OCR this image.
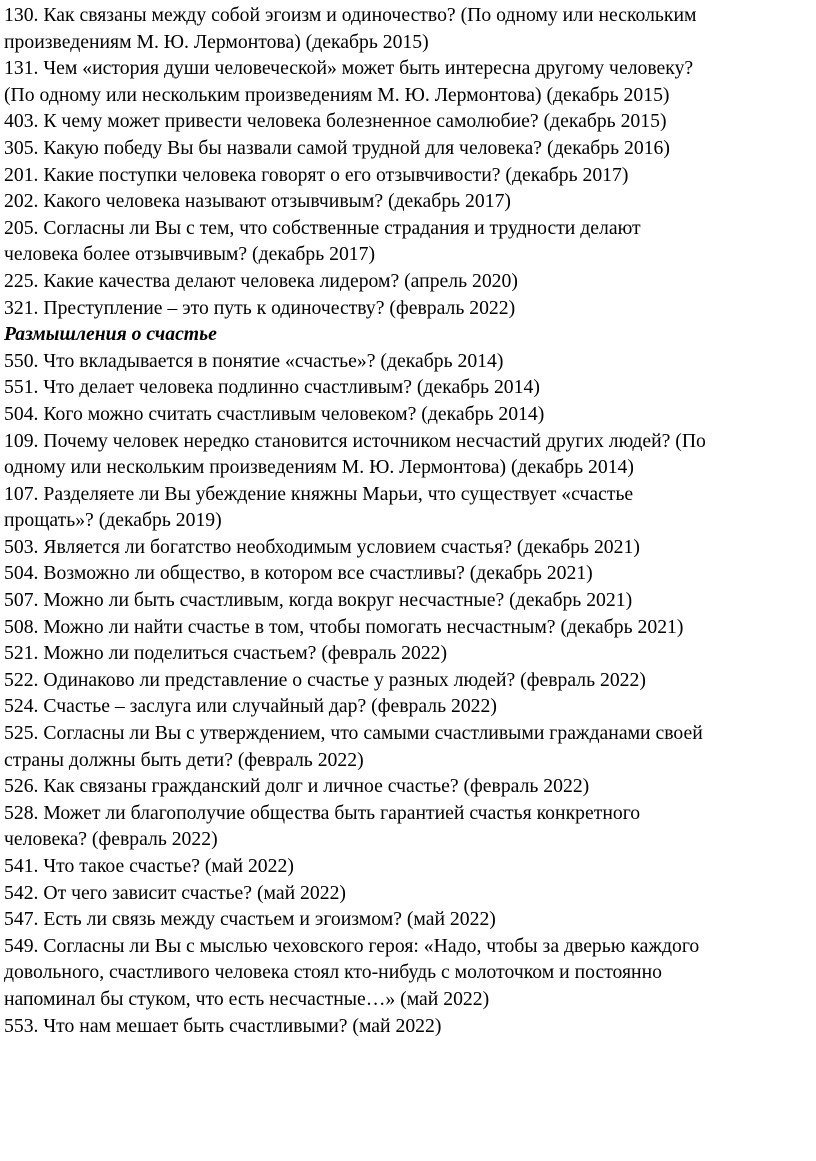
130. Как связаны между собой эгоизм и одиночество? (По одному или нескольким

произведениям М. Ю. Лермонтова) (декабрь 2015)

131. Чем «история души человеческой» может быть интересна другому человеку?

(По одному или нескольким произведениям М. Ю. Лермонтова) (декабрь 2015)

403. К чему может привести человека болезненное самолюбие? (декабрь 2015)

305. Какую победу Вы бы назвали самой трудной для человека? (декабрь 2016)

201. Какие поступки человека говорят о его отзывчивости? (декабрь 2017)

202. Какого человека называют отзывчивым? (декабрь 2017)

205. Согласны ли Вы с тем, что собственные страдания и трудности делают

человека более отзывчивым? (декабрь 2017)

225. Какие качества делают человека лидером? (апрель 2020)

321. Преступление – это путь к одиночеству? (февраль 2022)

Размышления о счастье

550. Что вкладывается в понятие «счастье»? (декабрь 2014)

551. Что делает человека подлинно счастливым? (декабрь 2014)

504. Кого можно считать счастливым человеком? (декабрь 2014)

109. Почему человек нередко становится источником несчастий других людей? (По

одному или нескольким произведениям М. Ю. Лермонтова) (декабрь 2014)

107. Разделяете ли Вы убеждение княжны Марьи, что существует «счастье

прощать»? (декабрь 2019)

503. Является ли богатство необходимым условием счастья? (декабрь 2021)

504. Возможно ли общество, в котором все счастливы? (декабрь 2021)

507. Можно ли быть счастливым, когда вокруг несчастные? (декабрь 2021)

508. Можно ли найти счастье в том, чтобы помогать несчастным? (декабрь 2021)

521. Можно ли поделиться счастьем? (февраль 2022)

522. Одинаково ли представление о счастье у разных людей? (февраль 2022)

524. Счастье – заслуга или случайный дар? (февраль 2022)

525. Согласны ли Вы с утверждением, что самыми счастливыми гражданами своей

страны должны быть дети? (февраль 2022)

526. Как связаны гражданский долг и личное счастье? (февраль 2022)

528. Может ли благополучие общества быть гарантией счастья конкретного

человека? (февраль 2022)

541. Что такое счастье? (май 2022)

542. От чего зависит счастье? (май 2022)

547. Есть ли связь между счастьем и эгоизмом? (май 2022)

549. Согласны ли Вы с мыслью чеховского героя: «Надо, чтобы за дверью каждого

довольного, счастливого человека стоял кто-нибудь с молоточком и постоянно

напоминал бы стуком, что есть несчастные…» (май 2022)

553. Что нам мешает быть счастливыми? (май 2022)
